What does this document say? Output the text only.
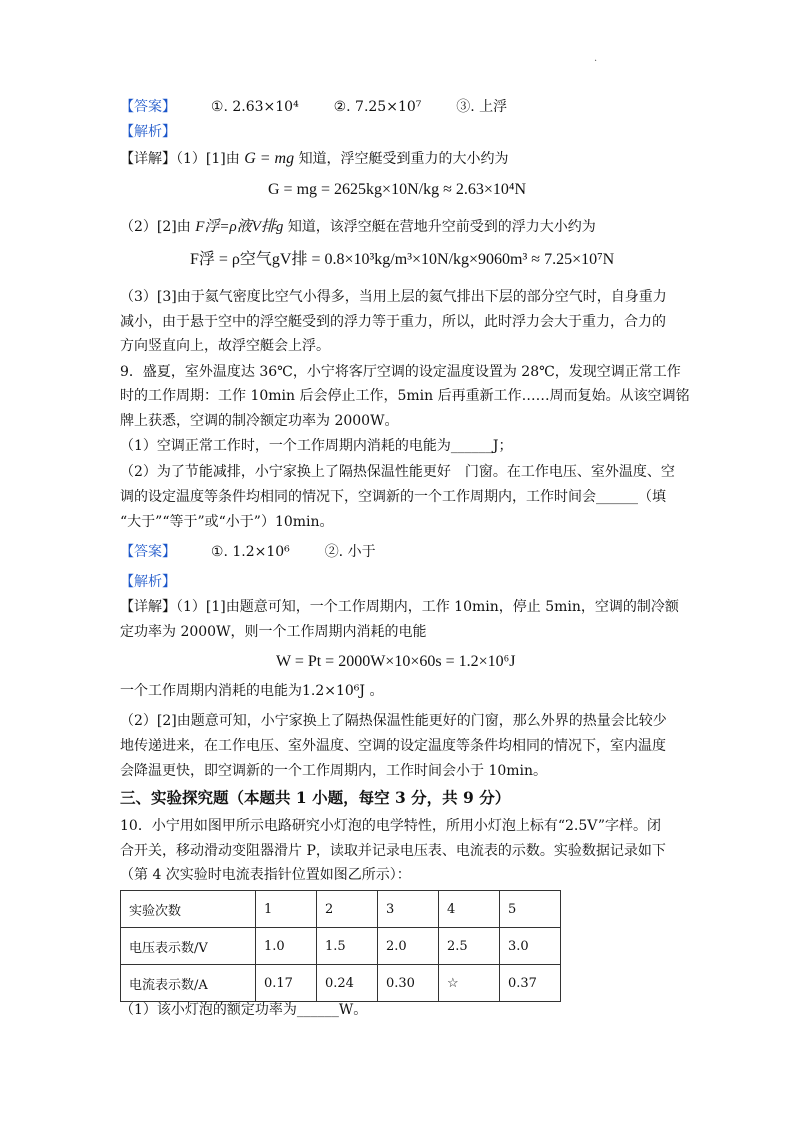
·
【答案】 ①. 2.63×10⁴ ②. 7.25×10⁷ ③. 上浮
【解析】
【详解】（1）[1]由 G = mg 知道，浮空艇受到重力的大小约为
G = mg = 2625kg×10N/kg ≈ 2.63×10⁴N
（2）[2]由 F浮=ρ液V排g 知道，该浮空艇在营地升空前受到的浮力大小约为
F浮 = ρ空气gV排 = 0.8×10³kg/m³×10N/kg×9060m³ ≈ 7.25×10⁷N
（3）[3]由于氦气密度比空气小得多，当用上层的氦气排出下层的部分空气时，自身重力
减小，由于悬于空中的浮空艇受到的浮力等于重力，所以，此时浮力会大于重力，合力的
方向竖直向上，故浮空艇会上浮。
9．盛夏，室外温度达 36℃，小宁将客厅空调的设定温度设置为 28℃，发现空调正常工作
时的工作周期：工作 10min 后会停止工作，5min 后再重新工作……周而复始。从该空调铭
牌上获悉，空调的制冷额定功率为 2000W。
（1）空调正常工作时，一个工作周期内消耗的电能为______J；
（2）为了节能减排，小宁家换上了隔热保温性能更好　门窗。在工作电压、室外温度、空
调的设定温度等条件均相同的情况下，空调新的一个工作周期内，工作时间会______（填
“大于”“等于”或“小于”）10min。
【答案】 ①. 1.2×10⁶ ②. 小于
【解析】
【详解】（1）[1]由题意可知，一个工作周期内，工作 10min，停止 5min，空调的制冷额
定功率为 2000W，则一个工作周期内消耗的电能
W = Pt = 2000W×10×60s = 1.2×10⁶J
一个工作周期内消耗的电能为1.2×10⁶J 。
（2）[2]由题意可知，小宁家换上了隔热保温性能更好的门窗，那么外界的热量会比较少
地传递进来，在工作电压、室外温度、空调的设定温度等条件均相同的情况下，室内温度
会降温更快，即空调新的一个工作周期内，工作时间会小于 10min。
三、实验探究题（本题共 1 小题，每空 3 分，共 9 分）
10．小宁用如图甲所示电路研究小灯泡的电学特性，所用小灯泡上标有“2.5V”字样。闭
合开关，移动滑动变阻器滑片 P，读取并记录电压表、电流表的示数。实验数据记录如下
（第 4 次实验时电流表指针位置如图乙所示）：
实验次数	1	2	3	4	5
电压表示数/V	1.0	1.5	2.0	2.5	3.0
电流表示数/A	0.17	0.24	0.30	☆	0.37
（1）该小灯泡的额定功率为______W。
